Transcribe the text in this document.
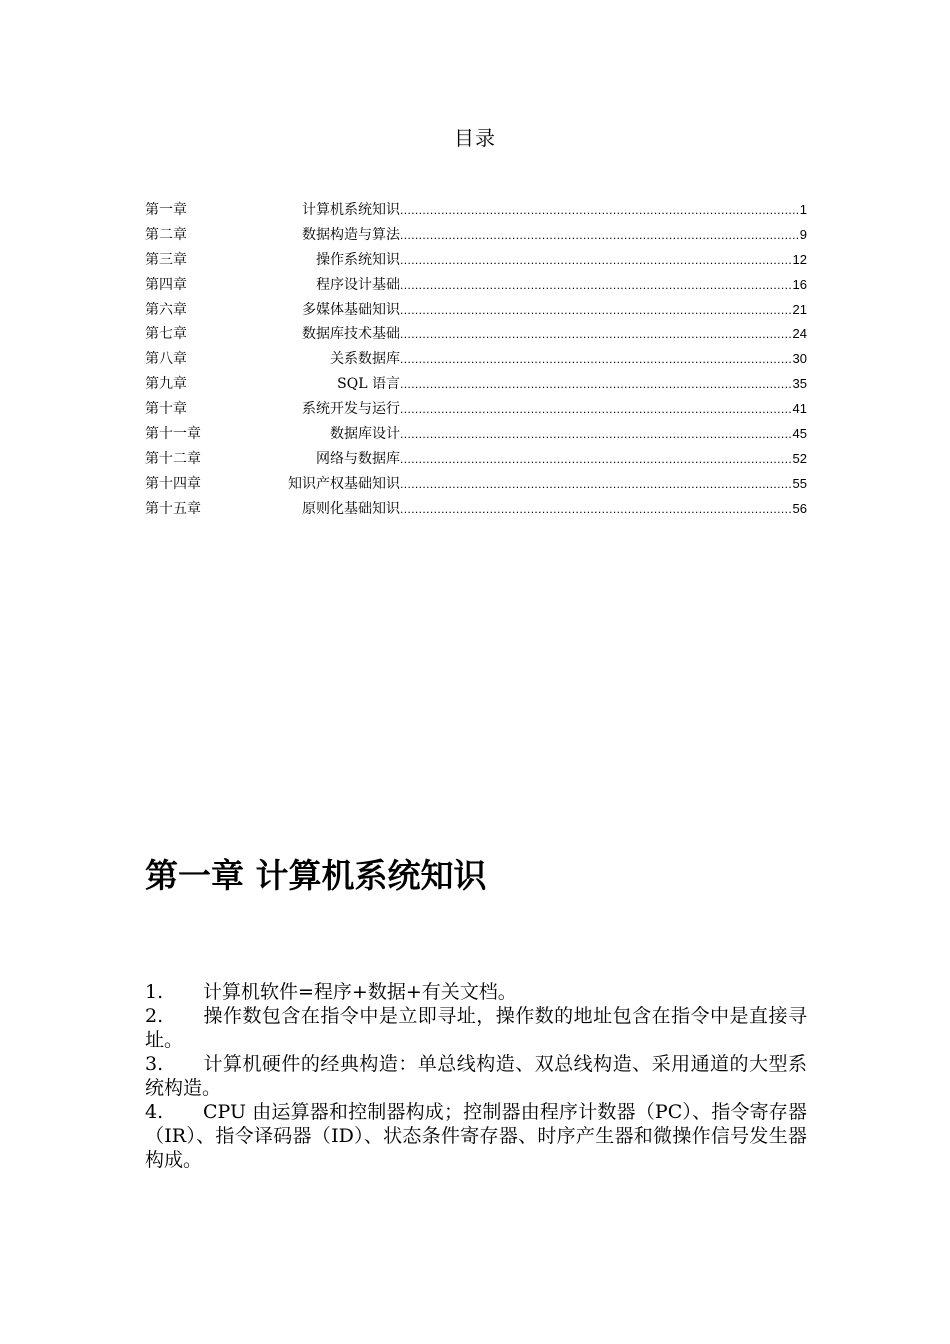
目录
第一章	计算机系统知识 .....	1
第二章	数据构造与算法 .....	9
第三章	操作系统知识 .....	12
第四章	程序设计基础 .....	16
第六章	多媒体基础知识 .....	21
第七章	数据库技术基础 .....	24
第八章	关系数据库 .....	30
第九章	SQL 语言 .....	35
第十章	系统开发与运行 .....	41
第十一章	数据库设计 .....	45
第十二章	网络与数据库 .....	52
第十四章	知识产权基础知识 .....	55
第十五章	原则化基础知识 .....	56
第一章 计算机系统知识
1. 计算机软件=程序+数据+有关文档。
2. 操作数包含在指令中是立即寻址，操作数的地址包含在指令中是直接寻址。
3. 计算机硬件的经典构造：单总线构造、双总线构造、采用通道的大型系统构造。
4. CPU 由运算器和控制器构成；控制器由程序计数器（PC）、指令寄存器（IR）、指令译码器（ID）、状态条件寄存器、时序产生器和微操作信号发生器构成。
